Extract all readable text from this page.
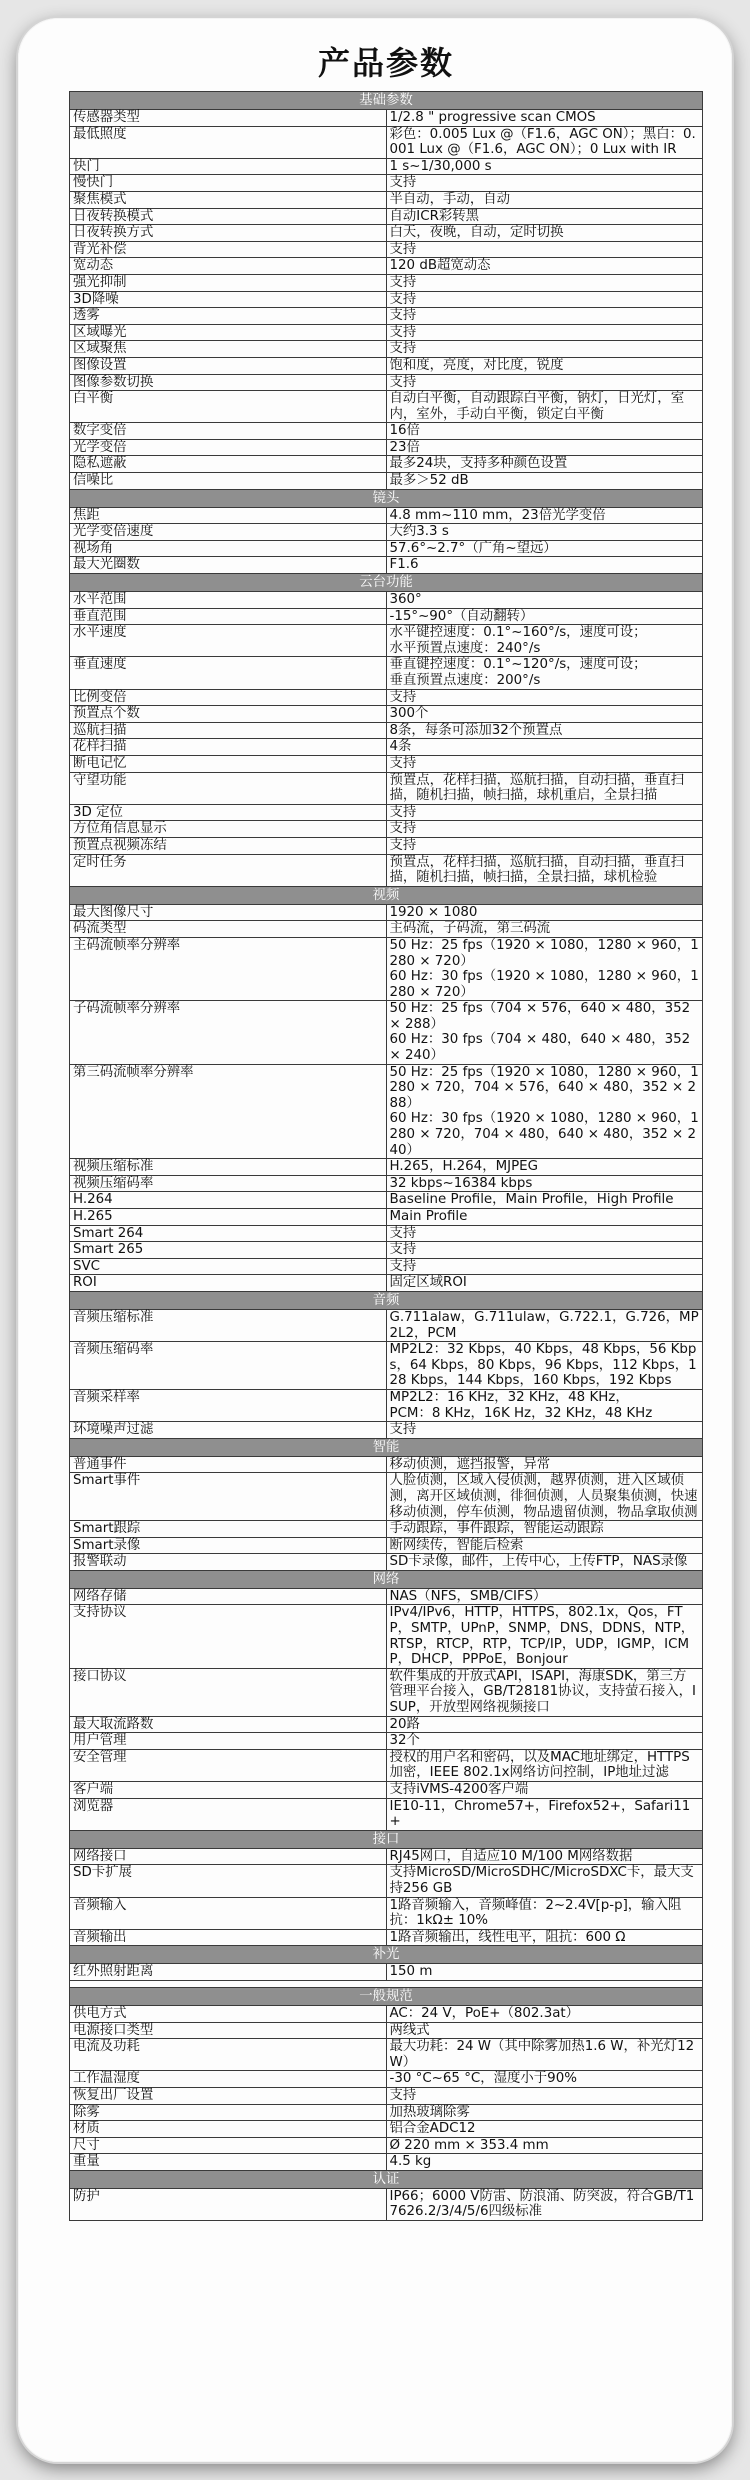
产品参数
基础参数	
传感器类型	1/2.8 " progressive scan CMOS
最低照度	彩色：0.005 Lux @（F1.6，AGC ON）；黑白：0.001 Lux @（F1.6，AGC ON）；0 Lux with IR
快门	1 s~1/30,000 s
慢快门	支持
聚焦模式	半自动，手动，自动
日夜转换模式	自动ICR彩转黑
日夜转换方式	白天，夜晚，自动，定时切换
背光补偿	支持
宽动态	120 dB超宽动态
强光抑制	支持
3D降噪	支持
透雾	支持
区域曝光	支持
区域聚焦	支持
图像设置	饱和度，亮度，对比度，锐度
图像参数切换	支持
白平衡	自动白平衡，自动跟踪白平衡，钠灯，日光灯，室内，室外，手动白平衡，锁定白平衡
数字变倍	16倍
光学变倍	23倍
隐私遮蔽	最多24块，支持多种颜色设置
信噪比	最多＞52 dB
镜头	
焦距	4.8 mm~110 mm，23倍光学变倍
光学变倍速度	大约3.3 s
视场角	57.6°~2.7°（广角~望远）
最大光圈数	F1.6
云台功能	
水平范围	360°
垂直范围	-15°~90°（自动翻转）
水平速度	水平键控速度：0.1°~160°/s，速度可设；
水平预置点速度：240°/s
垂直速度	垂直键控速度：0.1°~120°/s，速度可设；
垂直预置点速度：200°/s
比例变倍	支持
预置点个数	300个
巡航扫描	8条，每条可添加32个预置点
花样扫描	4条
断电记忆	支持
守望功能	预置点，花样扫描，巡航扫描，自动扫描，垂直扫描，随机扫描，帧扫描，球机重启，全景扫描
3D 定位	支持
方位角信息显示	支持
预置点视频冻结	支持
定时任务	预置点，花样扫描，巡航扫描，自动扫描，垂直扫描，随机扫描，帧扫描，全景扫描，球机检验
视频	
最大图像尺寸	1920 × 1080
码流类型	主码流，子码流，第三码流
主码流帧率分辨率	50 Hz：25 fps（1920 × 1080，1280 × 960，1280 × 720）
60 Hz：30 fps（1920 × 1080，1280 × 960，1280 × 720）
子码流帧率分辨率	50 Hz：25 fps（704 × 576，640 × 480，352 × 288）
60 Hz：30 fps（704 × 480，640 × 480，352 × 240）
第三码流帧率分辨率	50 Hz：25 fps（1920 × 1080，1280 × 960，1280 × 720，704 × 576，640 × 480，352 × 288）
60 Hz：30 fps（1920 × 1080，1280 × 960，1280 × 720，704 × 480，640 × 480，352 × 240）
视频压缩标准	H.265，H.264，MJPEG
视频压缩码率	32 kbps~16384 kbps
H.264	Baseline Profile，Main Profile，High Profile
H.265	Main Profile
Smart 264	支持
Smart 265	支持
SVC	支持
ROI	固定区域ROI
音频	
音频压缩标准	G.711alaw，G.711ulaw，G.722.1，G.726，MP2L2，PCM
音频压缩码率	MP2L2：32 Kbps，40 Kbps，48 Kbps，56 Kbps，64 Kbps，80 Kbps，96 Kbps，112 Kbps，128 Kbps，144 Kbps，160 Kbps，192 Kbps
音频采样率	MP2L2：16 KHz，32 KHz，48 KHz，
PCM：8 KHz，16K Hz，32 KHz，48 KHz
环境噪声过滤	支持
智能	
普通事件	移动侦测，遮挡报警，异常
Smart事件	人脸侦测，区域入侵侦测，越界侦测，进入区域侦测，离开区域侦测，徘徊侦测，人员聚集侦测，快速移动侦测，停车侦测，物品遗留侦测，物品拿取侦测
Smart跟踪	手动跟踪，事件跟踪，智能运动跟踪
Smart录像	断网续传，智能后检索
报警联动	SD卡录像，邮件，上传中心，上传FTP，NAS录像
网络	
网络存储	NAS（NFS，SMB/CIFS）
支持协议	IPv4/IPv6，HTTP，HTTPS，802.1x，Qos，FTP，SMTP，UPnP，SNMP，DNS，DDNS，NTP，RTSP，RTCP，RTP，TCP/IP，UDP，IGMP，ICMP，DHCP，PPPoE，Bonjour
接口协议	软件集成的开放式API，ISAPI，海康SDK，第三方管理平台接入，GB/T28181协议，支持萤石接入，ISUP，开放型网络视频接口
最大取流路数	20路
用户管理	32个
安全管理	授权的用户名和密码，以及MAC地址绑定，HTTPS加密，IEEE 802.1x网络访问控制，IP地址过滤
客户端	支持iVMS-4200客户端
浏览器	IE10-11，Chrome57+，Firefox52+，Safari11+
接口	
网络接口	RJ45网口，自适应10 M/100 M网络数据
SD卡扩展	支持MicroSD/MicroSDHC/MicroSDXC卡，最大支持256 GB
音频输入	1路音频输入，音频峰值：2~2.4V[p-p]，输入阻抗：1kΩ± 10%
音频输出	1路音频输出，线性电平，阻抗：600 Ω
补光	
红外照射距离	150 m

一般规范	
供电方式	AC：24 V，PoE+（802.3at）
电源接口类型	两线式
电流及功耗	最大功耗：24 W（其中除雾加热1.6 W，补光灯12 W）
工作温湿度	-30 °C~65 °C，湿度小于90%
恢复出厂设置	支持
除雾	加热玻璃除雾
材质	铝合金ADC12
尺寸	Ø 220 mm × 353.4 mm
重量	4.5 kg
认证	
防护	IP66；6000 V防雷、防浪涌、防突波，符合GB/T17626.2/3/4/5/6四级标准
